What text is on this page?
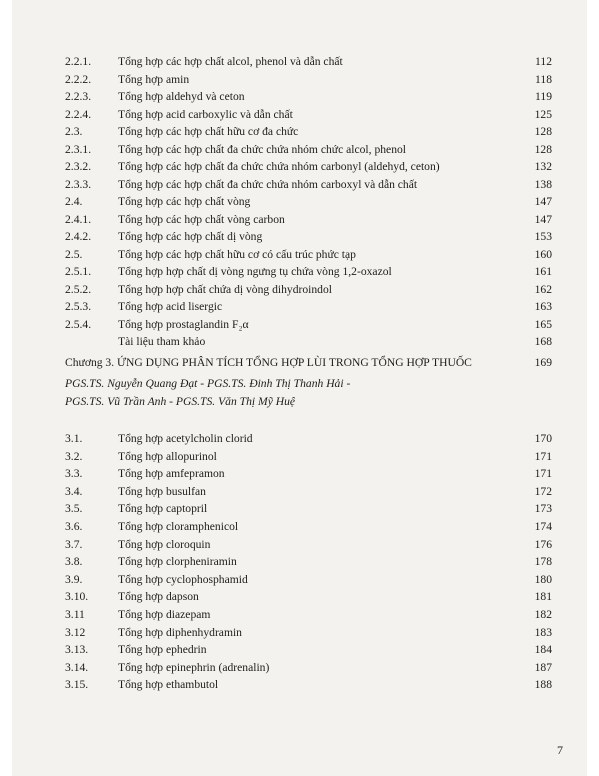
2.2.1. Tổng hợp các hợp chất alcol, phenol và dẫn chất	112
2.2.2. Tổng hợp amin	118
2.2.3. Tổng hợp aldehyd và ceton	119
2.2.4. Tổng hợp acid carboxylic và dẫn chất	125
2.3.	Tổng hợp các hợp chất hữu cơ đa chức	128
2.3.1. Tổng hợp các hợp chất đa chức chứa nhóm chức alcol, phenol	128
2.3.2. Tổng hợp các hợp chất đa chức chứa nhóm carbonyl (aldehyd, ceton)	132
2.3.3. Tổng hợp các hợp chất đa chức chứa nhóm carboxyl và dẫn chất	138
2.4.	Tổng hợp các hợp chất vòng	147
2.4.1. Tổng hợp các hợp chất vòng carbon	147
2.4.2. Tổng hợp các hợp chất dị vòng	153
2.5.	Tổng hợp các hợp chất hữu cơ có cấu trúc phức tạp	160
2.5.1. Tổng hợp hợp chất dị vòng ngưng tụ chứa vòng 1,2-oxazol	161
2.5.2. Tổng hợp hợp chất chứa dị vòng dihydroindol	162
2.5.3. Tổng hợp acid lisergic	163
2.5.4. Tổng hợp prostaglandin F₂α	165
Tài liệu tham khảo	168
Chương 3. ỨNG DỤNG PHÂN TÍCH TỔNG HỢP LÙI TRONG TỔNG HỢP THUỐC	169
PGS.TS. Nguyễn Quang Đạt - PGS.TS. Đinh Thị Thanh Hải -
PGS.TS. Vũ Trần Anh - PGS.TS. Văn Thị Mỹ Huệ
3.1.	Tổng hợp acetylcholin clorid	170
3.2.	Tổng hợp allopurinol	171
3.3.	Tổng hợp amfepramon	171
3.4.	Tổng hợp busulfan	172
3.5.	Tổng hợp captopril	173
3.6.	Tổng hợp cloramphenicol	174
3.7.	Tổng hợp cloroquin	176
3.8.	Tổng hợp clorpheniramin	178
3.9.	Tổng hợp cyclophosphamid	180
3.10.	Tổng hợp dapson	181
3.11	Tổng hợp diazepam	182
3.12	Tổng hợp diphenhydramin	183
3.13.	Tổng hợp ephedrin	184
3.14.	Tổng hợp epinephrin (adrenalin)	187
3.15.	Tổng hợp ethambutol	188
7
